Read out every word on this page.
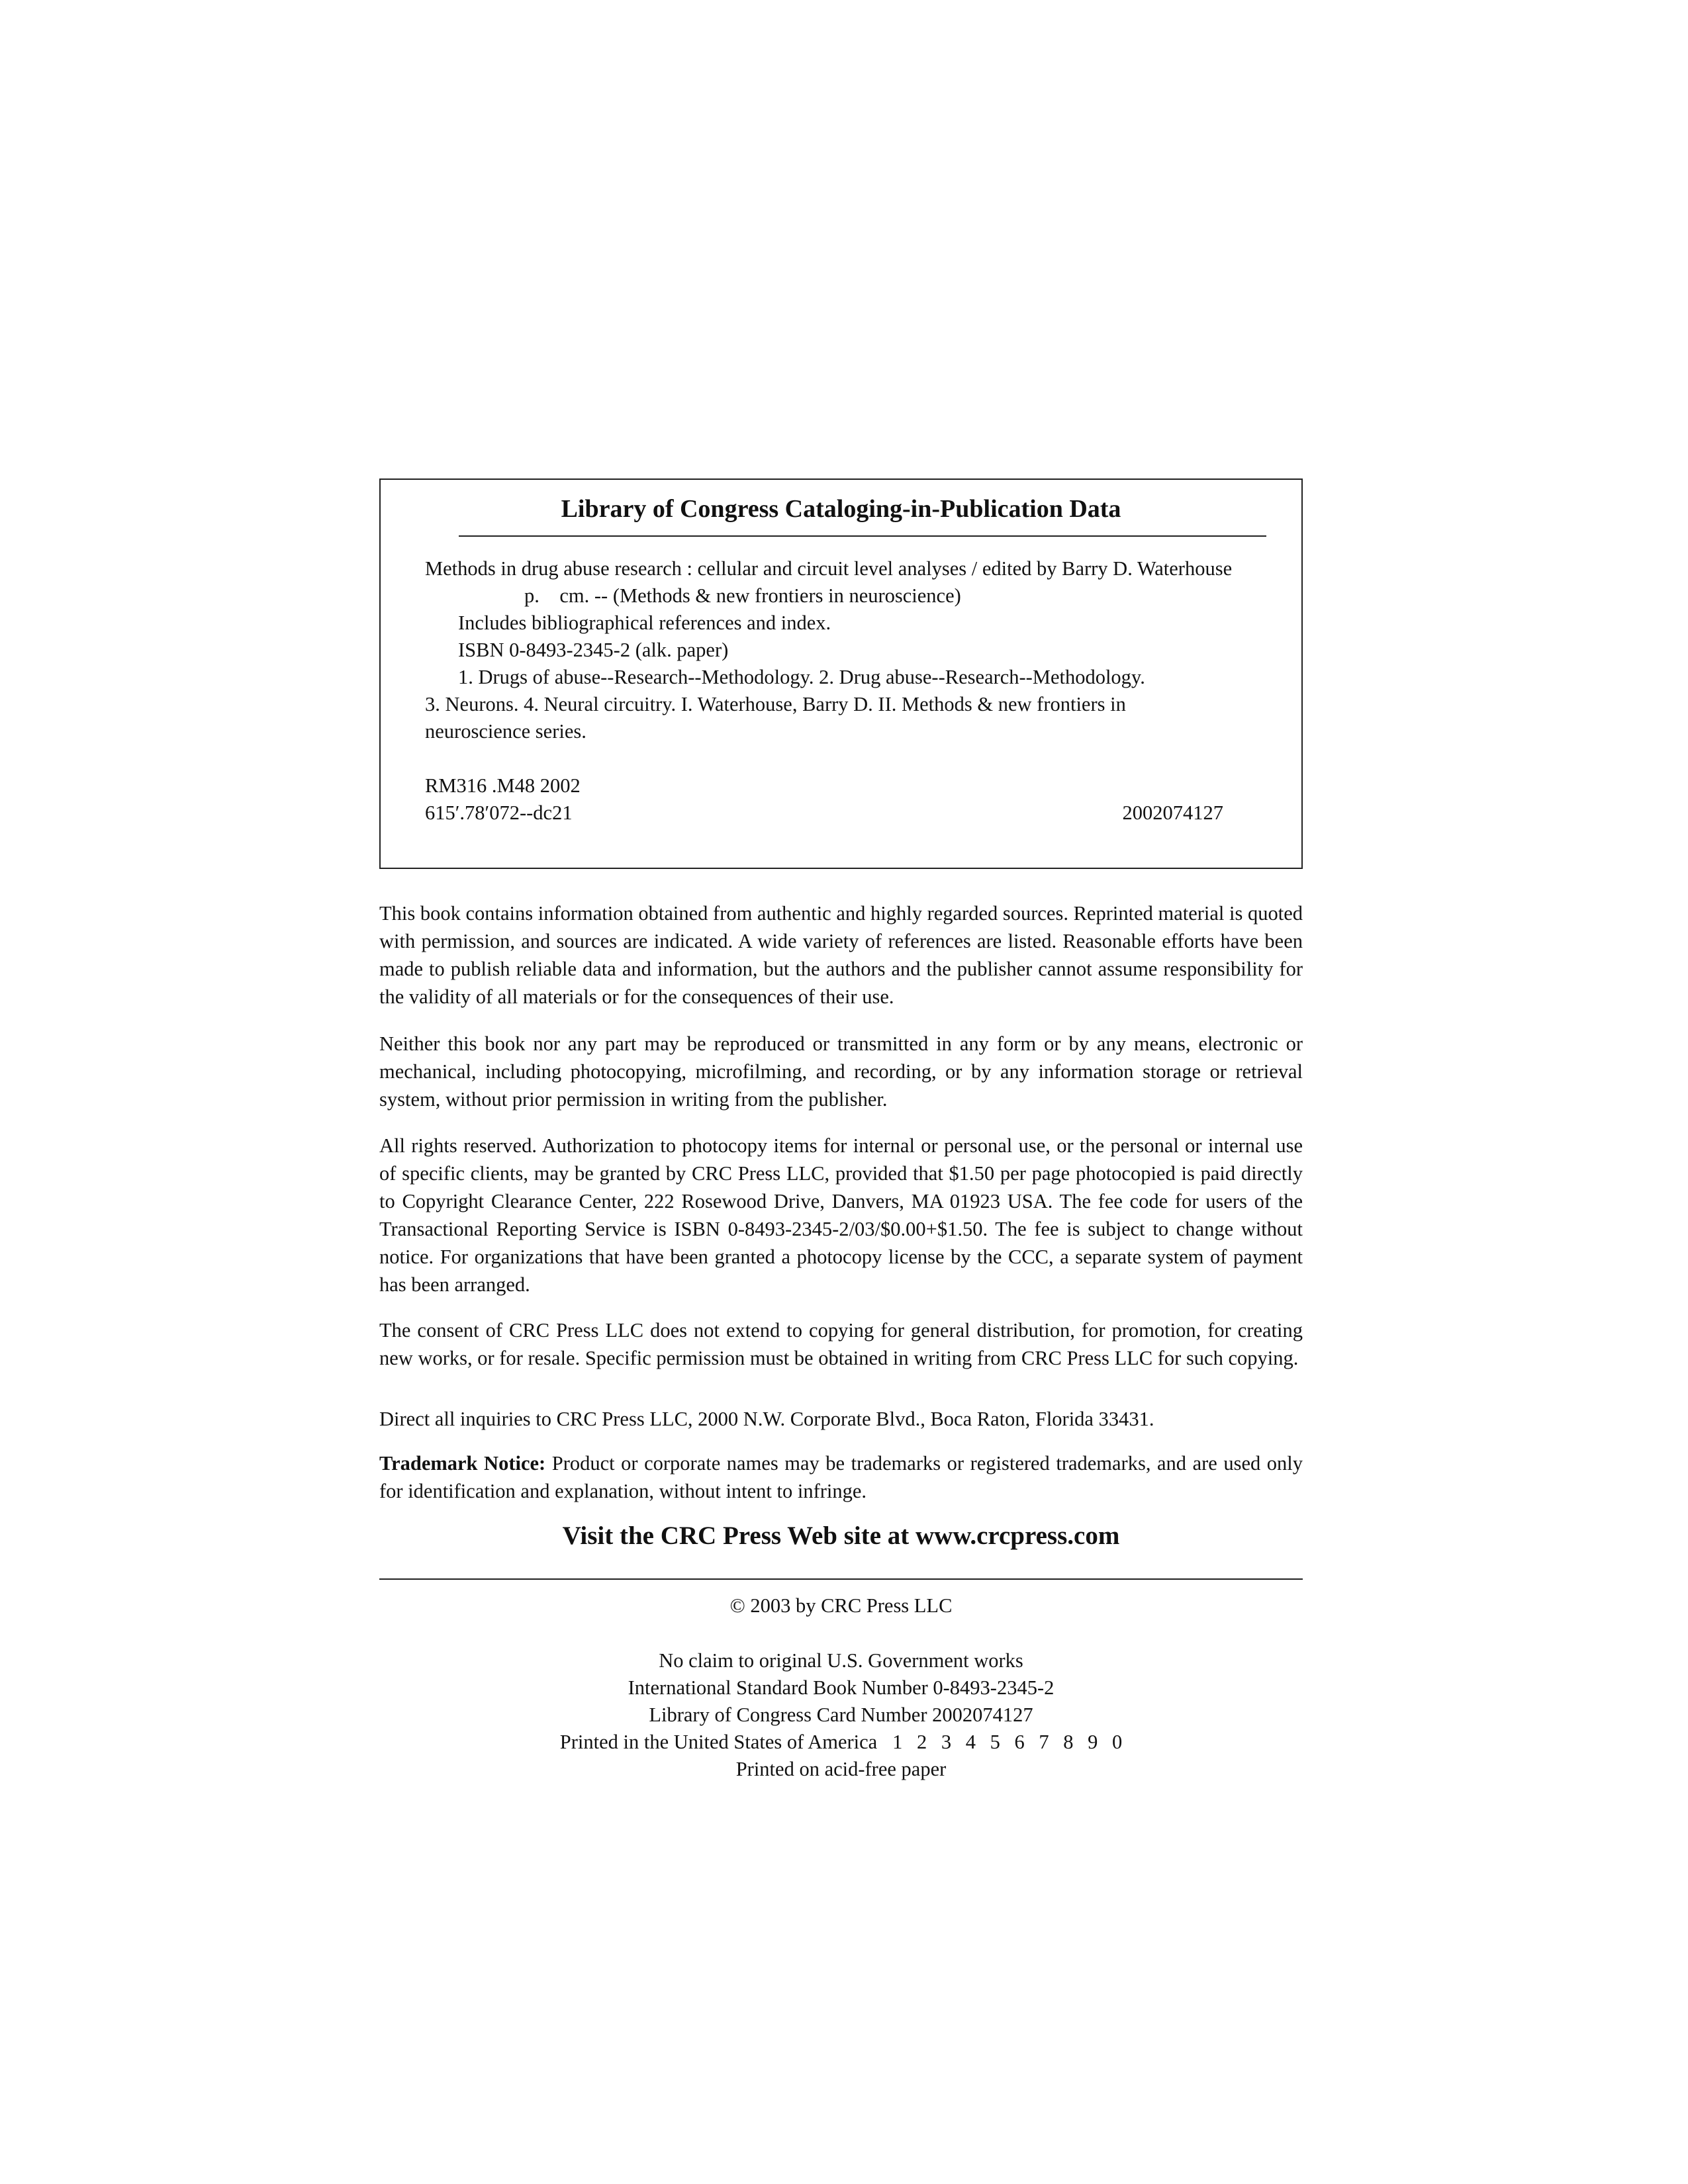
Library of Congress Cataloging-in-Publication Data
Methods in drug abuse research : cellular and circuit level analyses / edited by Barry D. Waterhouse
p.    cm. -- (Methods & new frontiers in neuroscience)
Includes bibliographical references and index.
ISBN 0-8493-2345-2 (alk. paper)
1. Drugs of abuse--Research--Methodology. 2. Drug abuse--Research--Methodology.
3. Neurons. 4. Neural circuitry. I. Waterhouse, Barry D. II. Methods & new frontiers in
neuroscience series.
RM316 .M48 2002
615′.78′072--dc21	2002074127

This book contains information obtained from authentic and highly regarded sources. Reprinted material is quoted with permission, and sources are indicated. A wide variety of references are listed. Reasonable efforts have been made to publish reliable data and information, but the authors and the publisher cannot assume responsibility for the validity of all materials or for the consequences of their use.

Neither this book nor any part may be reproduced or transmitted in any form or by any means, electronic or mechanical, including photocopying, microfilming, and recording, or by any information storage or retrieval system, without prior permission in writing from the publisher.

All rights reserved. Authorization to photocopy items for internal or personal use, or the personal or internal use of specific clients, may be granted by CRC Press LLC, provided that $1.50 per page photocopied is paid directly to Copyright Clearance Center, 222 Rosewood Drive, Danvers, MA 01923 USA. The fee code for users of the Transactional Reporting Service is ISBN 0-8493-2345-2/03/$0.00+$1.50. The fee is subject to change without notice. For organizations that have been granted a photocopy license by the CCC, a separate system of payment has been arranged.

The consent of CRC Press LLC does not extend to copying for general distribution, for promotion, for creating new works, or for resale. Specific permission must be obtained in writing from CRC Press LLC for such copying.

Direct all inquiries to CRC Press LLC, 2000 N.W. Corporate Blvd., Boca Raton, Florida 33431.

Trademark Notice: Product or corporate names may be trademarks or registered trademarks, and are used only for identification and explanation, without intent to infringe.

Visit the CRC Press Web site at www.crcpress.com
© 2003 by CRC Press LLC
No claim to original U.S. Government works
International Standard Book Number 0-8493-2345-2
Library of Congress Card Number 2002074127
Printed in the United States of America 1 2 3 4 5 6 7 8 9 0
Printed on acid-free paper
